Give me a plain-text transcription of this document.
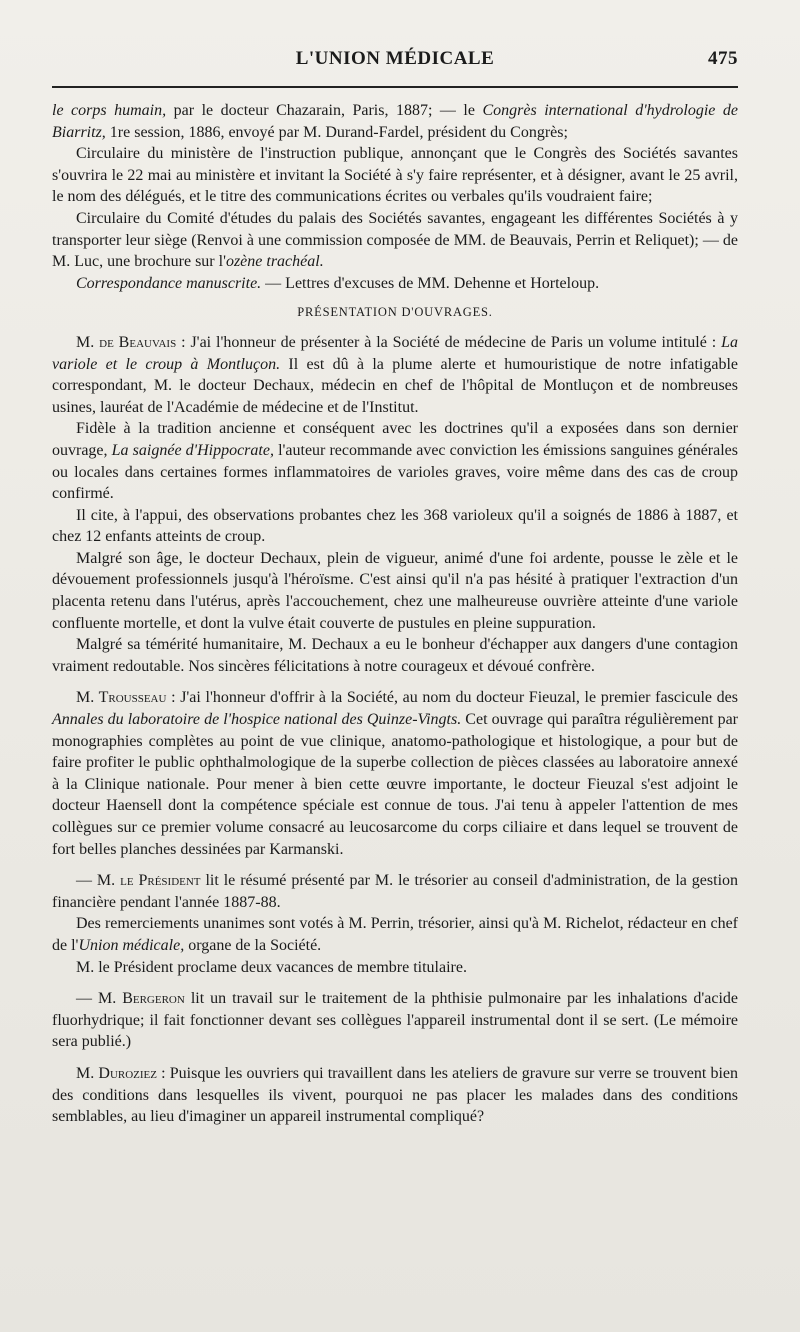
L'UNION MÉDICALE	475

le corps humain, par le docteur Chazarain, Paris, 1887; — le Congrès international d'hydrologie de Biarritz, 1re session, 1886, envoyé par M. Durand-Fardel, président du Congrès;

Circulaire du ministère de l'instruction publique, annonçant que le Congrès des Sociétés savantes s'ouvrira le 22 mai au ministère et invitant la Société à s'y faire représenter, et à désigner, avant le 25 avril, le nom des délégués, et le titre des communications écrites ou verbales qu'ils voudraient faire;

Circulaire du Comité d'études du palais des Sociétés savantes, engageant les différentes Sociétés à y transporter leur siège (Renvoi à une commission composée de MM. de Beauvais, Perrin et Reliquet); — de M. Luc, une brochure sur l'ozène trachéal.

Correspondance manuscrite. — Lettres d'excuses de MM. Dehenne et Horteloup.

PRÉSENTATION D'OUVRAGES.

M. de Beauvais : J'ai l'honneur de présenter à la Société de médecine de Paris un volume intitulé : La variole et le croup à Montluçon. Il est dû à la plume alerte et humouristique de notre infatigable correspondant, M. le docteur Dechaux, médecin en chef de l'hôpital de Montluçon et de nombreuses usines, lauréat de l'Académie de médecine et de l'Institut.

Fidèle à la tradition ancienne et conséquent avec les doctrines qu'il a exposées dans son dernier ouvrage, La saignée d'Hippocrate, l'auteur recommande avec conviction les émissions sanguines générales ou locales dans certaines formes inflammatoires de varioles graves, voire même dans des cas de croup confirmé.

Il cite, à l'appui, des observations probantes chez les 368 varioleux qu'il a soignés de 1886 à 1887, et chez 12 enfants atteints de croup.

Malgré son âge, le docteur Dechaux, plein de vigueur, animé d'une foi ardente, pousse le zèle et le dévouement professionnels jusqu'à l'héroïsme. C'est ainsi qu'il n'a pas hésité à pratiquer l'extraction d'un placenta retenu dans l'utérus, après l'accouchement, chez une malheureuse ouvrière atteinte d'une variole confluente mortelle, et dont la vulve était couverte de pustules en pleine suppuration.

Malgré sa témérité humanitaire, M. Dechaux a eu le bonheur d'échapper aux dangers d'une contagion vraiment redoutable. Nos sincères félicitations à notre courageux et dévoué confrère.

M. Trousseau : J'ai l'honneur d'offrir à la Société, au nom du docteur Fieuzal, le premier fascicule des Annales du laboratoire de l'hospice national des Quinze-Vingts. Cet ouvrage qui paraîtra régulièrement par monographies complètes au point de vue clinique, anatomo-pathologique et histologique, a pour but de faire profiter le public ophthalmologique de la superbe collection de pièces classées au laboratoire annexé à la Clinique nationale. Pour mener à bien cette œuvre importante, le docteur Fieuzal s'est adjoint le docteur Haensell dont la compétence spéciale est connue de tous. J'ai tenu à appeler l'attention de mes collègues sur ce premier volume consacré au leucosarcome du corps ciliaire et dans lequel se trouvent de fort belles planches dessinées par Karmanski.

— M. le Président lit le résumé présenté par M. le trésorier au conseil d'administration, de la gestion financière pendant l'année 1887-88.

Des remerciements unanimes sont votés à M. Perrin, trésorier, ainsi qu'à M. Richelot, rédacteur en chef de l'Union médicale, organe de la Société.

M. le Président proclame deux vacances de membre titulaire.

— M. Bergeron lit un travail sur le traitement de la phthisie pulmonaire par les inhalations d'acide fluorhydrique; il fait fonctionner devant ses collègues l'appareil instrumental dont il se sert. (Le mémoire sera publié.)

M. Duroziez : Puisque les ouvriers qui travaillent dans les ateliers de gravure sur verre se trouvent bien des conditions dans lesquelles ils vivent, pourquoi ne pas placer les malades dans des conditions semblables, au lieu d'imaginer un appareil instrumental compliqué?
